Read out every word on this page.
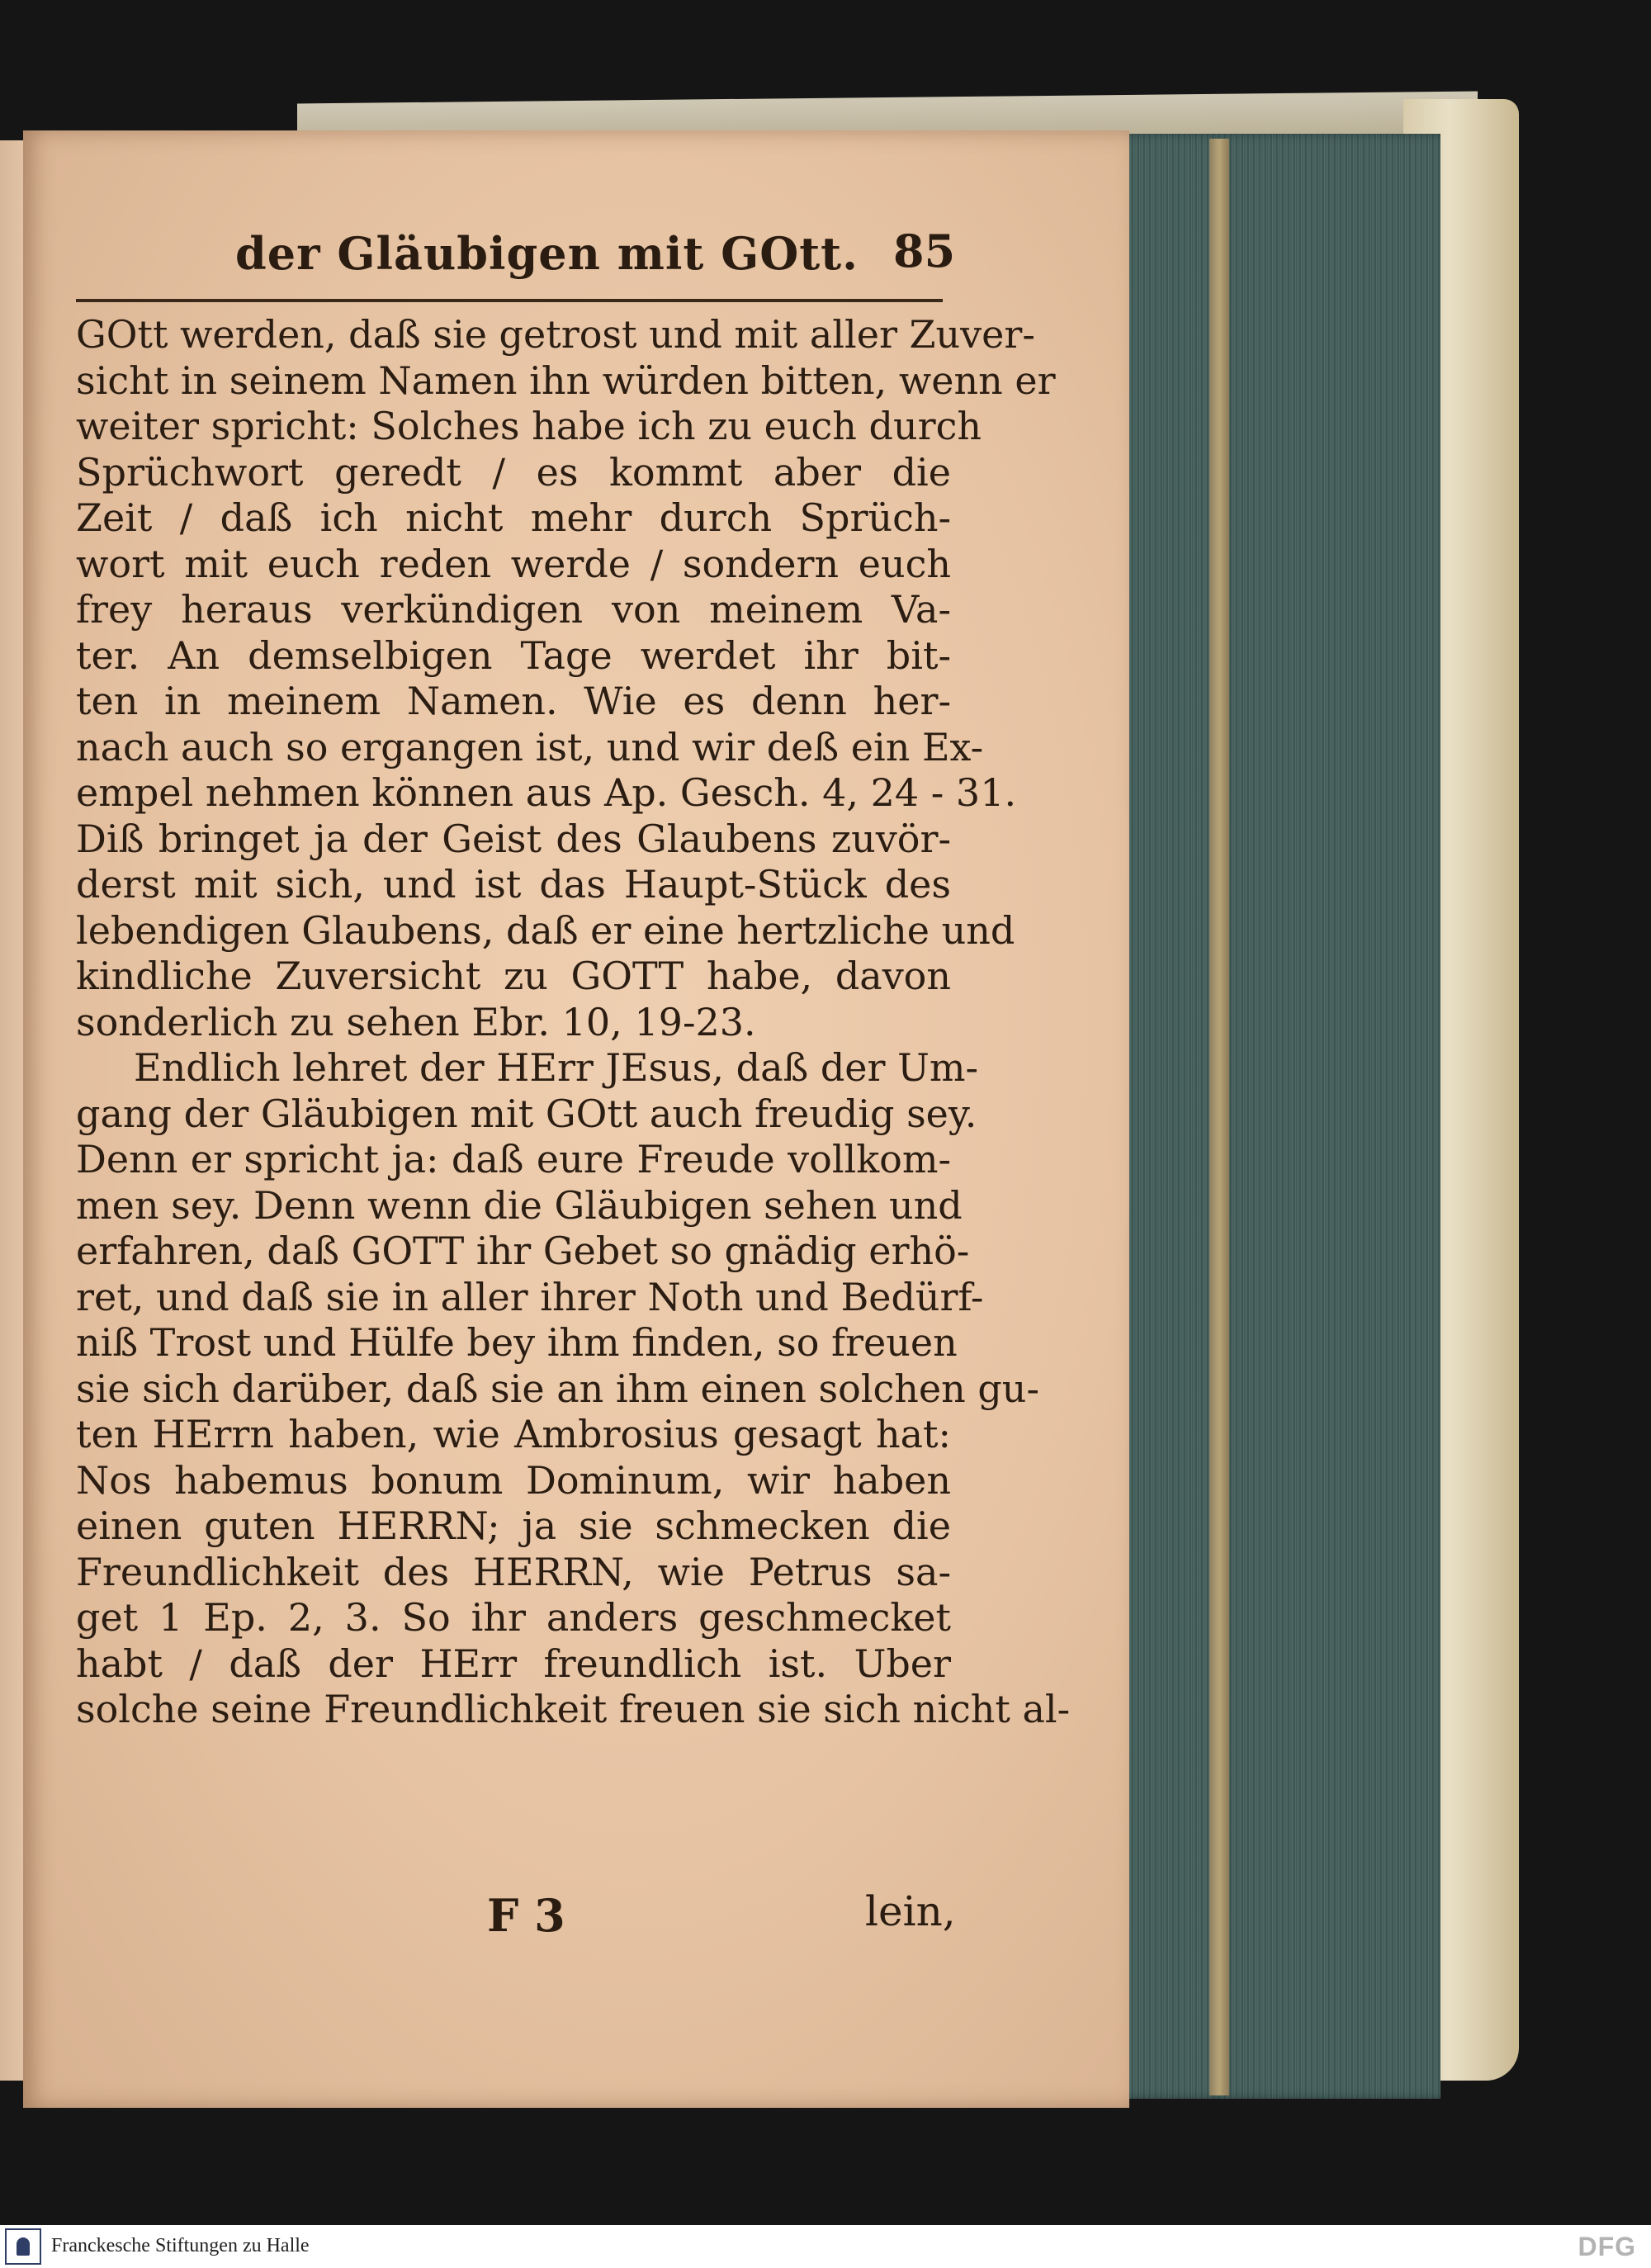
der Gläubigen mit GOtt. 85
GOtt werden, daß sie getrost und mit aller Zuver-
sicht in seinem Namen ihn würden bitten, wenn er
weiter spricht: Solches habe ich zu euch durch
Sprüchwort geredt / es kommt aber die
Zeit / daß ich nicht mehr durch Sprüch-
wort mit euch reden werde / sondern euch
frey heraus verkündigen von meinem Va-
ter. An demselbigen Tage werdet ihr bit-
ten in meinem Namen. Wie es denn her-
nach auch so ergangen ist, und wir deß ein Ex-
empel nehmen können aus Ap. Gesch. 4, 24 - 31.
Diß bringet ja der Geist des Glaubens zuvör-
derst mit sich, und ist das Haupt-Stück des
lebendigen Glaubens, daß er eine hertzliche und
kindliche Zuversicht zu GOTT habe, davon
sonderlich zu sehen Ebr. 10, 19-23.
Endlich lehret der HErr JEsus, daß der Um-
gang der Gläubigen mit GOtt auch freudig sey.
Denn er spricht ja: daß eure Freude vollkom-
men sey. Denn wenn die Gläubigen sehen und
erfahren, daß GOTT ihr Gebet so gnädig erhö-
ret, und daß sie in aller ihrer Noth und Bedürf-
niß Trost und Hülfe bey ihm finden, so freuen
sie sich darüber, daß sie an ihm einen solchen gu-
ten HErrn haben, wie Ambrosius gesagt hat:
Nos habemus bonum Dominum, wir haben
einen guten HERRN; ja sie schmecken die
Freundlichkeit des HERRN, wie Petrus sa-
get 1 Ep. 2, 3. So ihr anders geschmecket
habt / daß der HErr freundlich ist. Uber
solche seine Freundlichkeit freuen sie sich nicht al-
F 3	lein,
Franckesche Stiftungen zu Halle	DFG
